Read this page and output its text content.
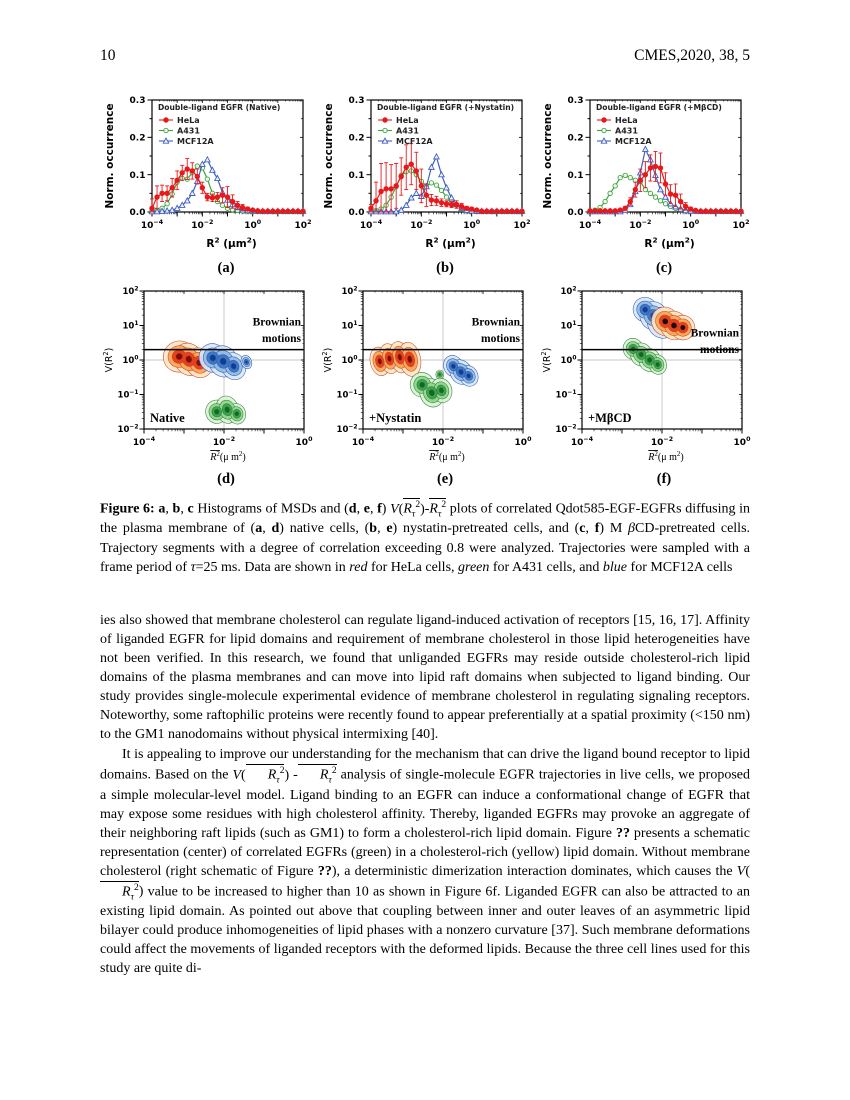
10	CMES,2020, 38, 5
$10^{-4}$	$10^{-2}$	$10^0$	$10^2$
0.0
0.1
0.2
0.3
$R^2$ $(\mu m^2)$
Norm. occurrence	Double-ligand EGFR (Native)
HeLa
A431
MCF12A
$10^{-4}$	$10^{-2}$	$10^0$	$10^2$
0.0
0.1
0.2
0.3
$R^2$ $(\mu m^2)$
Norm. occurrence	Double-ligand EGFR (+Nystatin)
HeLa
A431
MCF12A
$10^{-4}$	$10^{-2}$	$10^0$	$10^2$
0.0
0.1
0.2
0.3
$R^2$ $(\mu m^2)$
Norm. occurrence	Double-ligand EGFR (+MβCD)
HeLa
A431
MCF12A
(a)	(b)	(c)
$10^{-4}$	$10^{-2}$	$10^0$
$10^{-2}$
$10^{-1}$
$10^0$
$10^1$
$10^2$
$R^2(\mu$ $m^2$)
$V(R^2)$
Brownian
motions
Native
$10^{-4}$	$10^{-2}$	$10^0$
$10^{-2}$
$10^{-1}$
$10^0$
$10^1$
$10^2$
$R^2(\mu$ $m^2$)
$V(R^2)$
Brownian
motions
+Nystatin
$10^{-4}$	$10^{-2}$	$10^0$
$10^{-2}$
$10^{-1}$
$10^0$
$10^1$
$10^2$
$R^2(\mu$ $m^2$)
$V(R^2)$
Brownian
motions
+MβCD
(d)	(e)	(f)

Figure 6: a, b, c Histograms of MSDs and (d, e, f) $V(R_\tau^2)-R_\tau^2$ plots of correlated Qdot585-EGF-EGFRs diffusing in the plasma membrane of (a, d) native cells, (b, e) nystatin-pretreated cells, and (c, f) M βCD-pretreated cells. Trajectory segments with a degree of correlation exceeding 0.8 were analyzed. Trajectories were sampled with a frame period of τ=25 ms. Data are shown in red for HeLa cells, green for A431 cells, and blue for MCF12A cells

ies also showed that membrane cholesterol can regulate ligand-induced activation of receptors [15, 16, 17]. Affinity of liganded EGFR for lipid domains and requirement of membrane cholesterol in those lipid heterogeneities have not been verified. In this research, we found that unliganded EGFRs may reside outside cholesterol-rich lipid domains of the plasma membranes and can move into lipid raft domains when subjected to ligand binding. Our study provides single-molecule experimental evidence of membrane cholesterol in regulating signaling receptors. Noteworthy, some raftophilic proteins were recently found to appear preferentially at a spatial proximity (<150 nm) to the GM1 nanodomains without physical intermixing [40].

It is appealing to improve our understanding for the mechanism that can drive the ligand bound receptor to lipid domains. Based on the V( $R_\tau^2) - R_\tau^2$ analysis of single-molecule EGFR trajectories in live cells, we proposed a simple molecular-level model. Ligand binding to an EGFR can induce a conformational change of EGFR that may expose some residues with high cholesterol affinity. Thereby, liganded EGFRs may provoke an aggregate of their neighboring raft lipids (such as GM1) to form a cholesterol-rich lipid domain. Figure ?? presents a schematic representation (center) of correlated EGFRs (green) in a cholesterol-rich (yellow) lipid domain. Without membrane cholesterol (right schematic of Figure ??), a deterministic dimerization interaction dominates, which causes the $V(R_\tau^2)$ value to be increased to higher than 10 as shown in Figure 6f. Liganded EGFR can also be attracted to an existing lipid domain. As pointed out above that coupling between inner and outer leaves of an asymmetric lipid bilayer could produce inhomogeneities of lipid phases with a nonzero curvature [37]. Such membrane deformations could affect the movements of liganded receptors with the deformed lipids. Because the three cell lines used for this study are quite di-
